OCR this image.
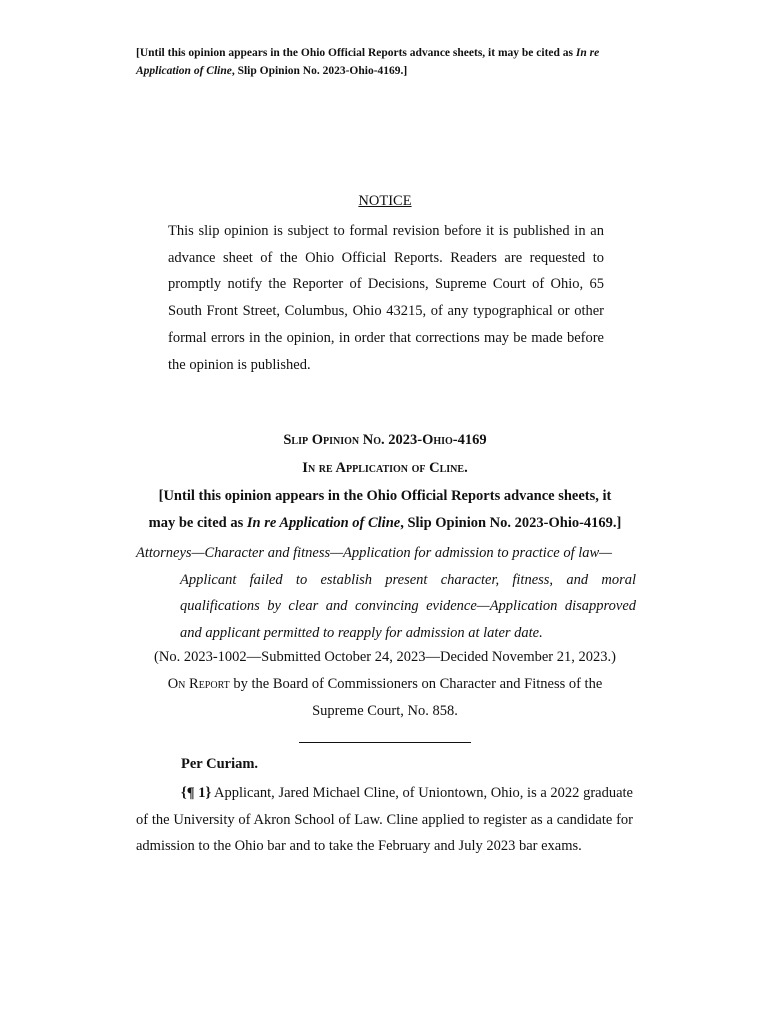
[Until this opinion appears in the Ohio Official Reports advance sheets, it may be cited as In re Application of Cline, Slip Opinion No. 2023-Ohio-4169.]
NOTICE
This slip opinion is subject to formal revision before it is published in an advance sheet of the Ohio Official Reports. Readers are requested to promptly notify the Reporter of Decisions, Supreme Court of Ohio, 65 South Front Street, Columbus, Ohio 43215, of any typographical or other formal errors in the opinion, in order that corrections may be made before the opinion is published.
Slip Opinion No. 2023-Ohio-4169
In re Application of Cline.
[Until this opinion appears in the Ohio Official Reports advance sheets, it
may be cited as In re Application of Cline, Slip Opinion No. 2023-Ohio-4169.]
Attorneys—Character and fitness—Application for admission to practice of law—
Applicant failed to establish present character, fitness, and moral qualifications by clear and convincing evidence—Application disapproved and applicant permitted to reapply for admission at later date.
(No. 2023-1002—Submitted October 24, 2023—Decided November 21, 2023.)
On Report by the Board of Commissioners on Character and Fitness of the
Supreme Court, No. 858.
Per Curiam.
{¶ 1} Applicant, Jared Michael Cline, of Uniontown, Ohio, is a 2022 graduate of the University of Akron School of Law. Cline applied to register as a candidate for admission to the Ohio bar and to take the February and July 2023 bar exams.
